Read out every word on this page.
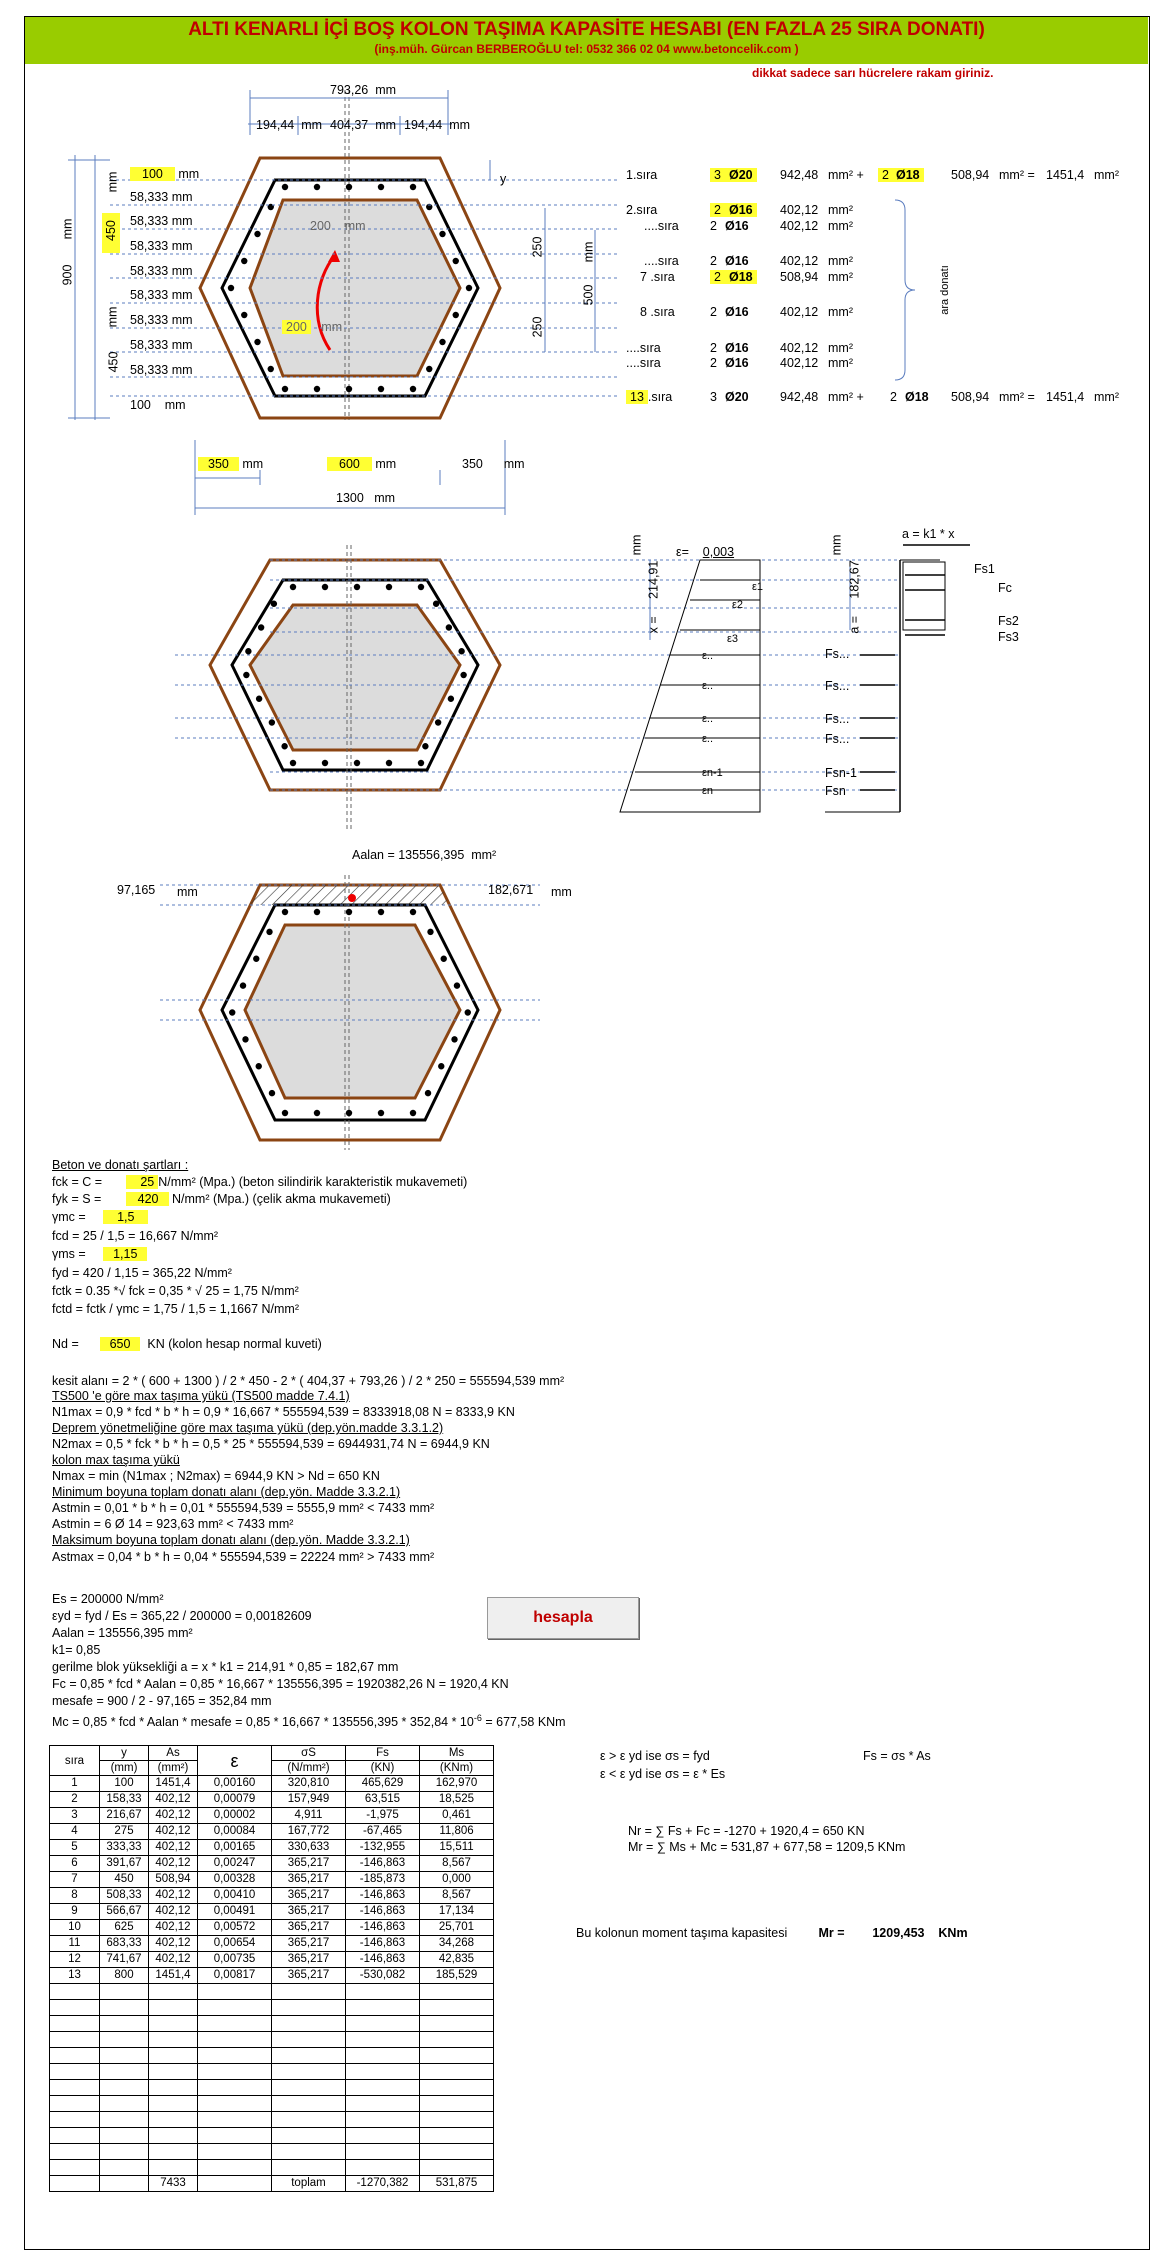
ALTI KENARLI İÇİ BOŞ KOLON TAŞIMA KAPASİTE HESABI (EN FAZLA 25 SIRA DONATI)
(inş.müh. Gürcan BERBEROĞLU tel: 0532 366 02 04 www.betoncelik.com )
dikkat sadece sarı hücrelere rakam giriniz.
793,26 mm
194,44 mm 404,37 mm 194,44 mm
y
100 mm
58,333 mm
58,333 mm
58,333 mm
58,333 mm
58,333 mm
58,333 mm
58,333 mm
58,333 mm
450
900
mm
mm
mm
450
100 mm
200 mm
200 mm
250
250
500
mm
350 mm	600 mm	350 mm
1300 mm
1.sıra	3 Ø20	942,48 mm² +	2 Ø18	508,94 mm² = 1451,4 mm²
2.sıra	2 Ø16	402,12 mm²
....sıra	2 Ø16	402,12 mm²
....sıra	2 Ø16	402,12 mm²
7 .sıra	2 Ø18	508,94 mm²
8 .sıra	2 Ø16	402,12 mm²
....sıra	2 Ø16	402,12 mm²
....sıra	2 Ø16	402,12 mm²
13 .sıra	3 Ø20	942,48 mm² + 2 Ø18 508,94 mm² = 1451,4 mm²
ara donatı
ε= 0,003
mm	mm
x =     214,91
a =     182,67
a = k1 * x
ε1
ε2
ε3
ε..
ε..
ε..
ε..
εn-1
εn
Fs1
Fc
Fs2
Fs3
Fs...
Fs...
Fs...
Fs...
Fsn-1
Fsn
Aalan = 135556,395 mm²
97,165 mm	182,671 mm
Beton ve donatı şartları :
fck = C =	25 N/mm² (Mpa.) (beton silindirik karakteristik mukavemeti)
fyk = S =	420 N/mm² (Mpa.) (çelik akma mukavemeti)
γmc =	1,5
fcd = 25 / 1,5 = 16,667 N/mm²
γms = 1,15
fyd = 420 / 1,15 = 365,22 N/mm²
fctk = 0.35 *√ fck = 0,35 * √ 25 = 1,75 N/mm²
fctd = fctk / γmc = 1,75 / 1,5 = 1,1667 N/mm²
Nd = 650 KN (kolon hesap normal kuveti)
kesit alanı = 2 * ( 600 + 1300 ) / 2 * 450 - 2 * ( 404,37 + 793,26 ) / 2 * 250 = 555594,539 mm²
TS500 'e göre max taşıma yükü (TS500 madde 7.4.1)
N1max = 0,9 * fcd * b * h = 0,9 * 16,667 * 555594,539 = 8333918,08 N = 8333,9 KN
Deprem yönetmeliğine göre max taşıma yükü (dep.yön.madde 3.3.1.2)
N2max = 0,5 * fck * b * h = 0,5 * 25 * 555594,539 = 6944931,74 N = 6944,9 KN
kolon max taşıma yükü
Nmax = min (N1max ; N2max) = 6944,9 KN > Nd = 650 KN
Minimum boyuna toplam donatı alanı (dep.yön. Madde 3.3.2.1)
Astmin = 0,01 * b * h = 0,01 * 555594,539 = 5555,9 mm² < 7433 mm²
Astmin = 6 Ø 14 = 923,63 mm² < 7433 mm²
Maksimum boyuna toplam donatı alanı (dep.yön. Madde 3.3.2.1)
Astmax = 0,04 * b * h = 0,04 * 555594,539 = 22224 mm² > 7433 mm²
Es = 200000 N/mm²
εyd = fyd / Es = 365,22 / 200000 = 0,00182609
Aalan = 135556,395 mm²
k1= 0,85
gerilme blok yüksekliği a = x * k1 = 214,91 * 0,85 = 182,67 mm
Fc = 0,85 * fcd * Aalan = 0,85 * 16,667 * 135556,395 = 1920382,26 N = 1920,4 KN
mesafe = 900 / 2 - 97,165 = 352,84 mm
Mc = 0,85 * fcd * Aalan * mesafe = $0,85 * 16,667 * 135556,395 * 352,84 * 10^{-6} = 677,58$ KNm
hesapla
sıra	y	As	ε	σS	Fs	Ms
	(mm)	(mm²)		(N/mm²)	(KN)	(KNm)
1	100	1451,4	0,00160	320,810	465,629	162,970
2	158,33	402,12	0,00079	157,949	63,515	18,525
3	216,67	402,12	0,00002	4,911	-1,975	0,461
4	275	402,12	0,00084	167,772	-67,465	11,806
5	333,33	402,12	0,00165	330,633	-132,955	15,511
6	391,67	402,12	0,00247	365,217	-146,863	8,567
7	450	508,94	0,00328	365,217	-185,873	0,000
8	508,33	402,12	0,00410	365,217	-146,863	8,567
9	566,67	402,12	0,00491	365,217	-146,863	17,134
10	625	402,12	0,00572	365,217	-146,863	25,701
11	683,33	402,12	0,00654	365,217	-146,863	34,268
12	741,67	402,12	0,00735	365,217	-146,863	42,835
13	800	1451,4	0,00817	365,217	-530,082	185,529

		7433		toplam	-1270,382	531,875
ε > ε yd ise σs = fyd
ε < ε yd ise σs = ε * Es
Fs = σs * As
Nr = ∑ Fs + Fc = -1270 + 1920,4 = 650 KN
Mr = ∑ Ms + Mc = 531,87 + 677,58 = 1209,5 KNm
Bu kolonun moment taşıma kapasitesi	Mr = 1209,453 KNm
